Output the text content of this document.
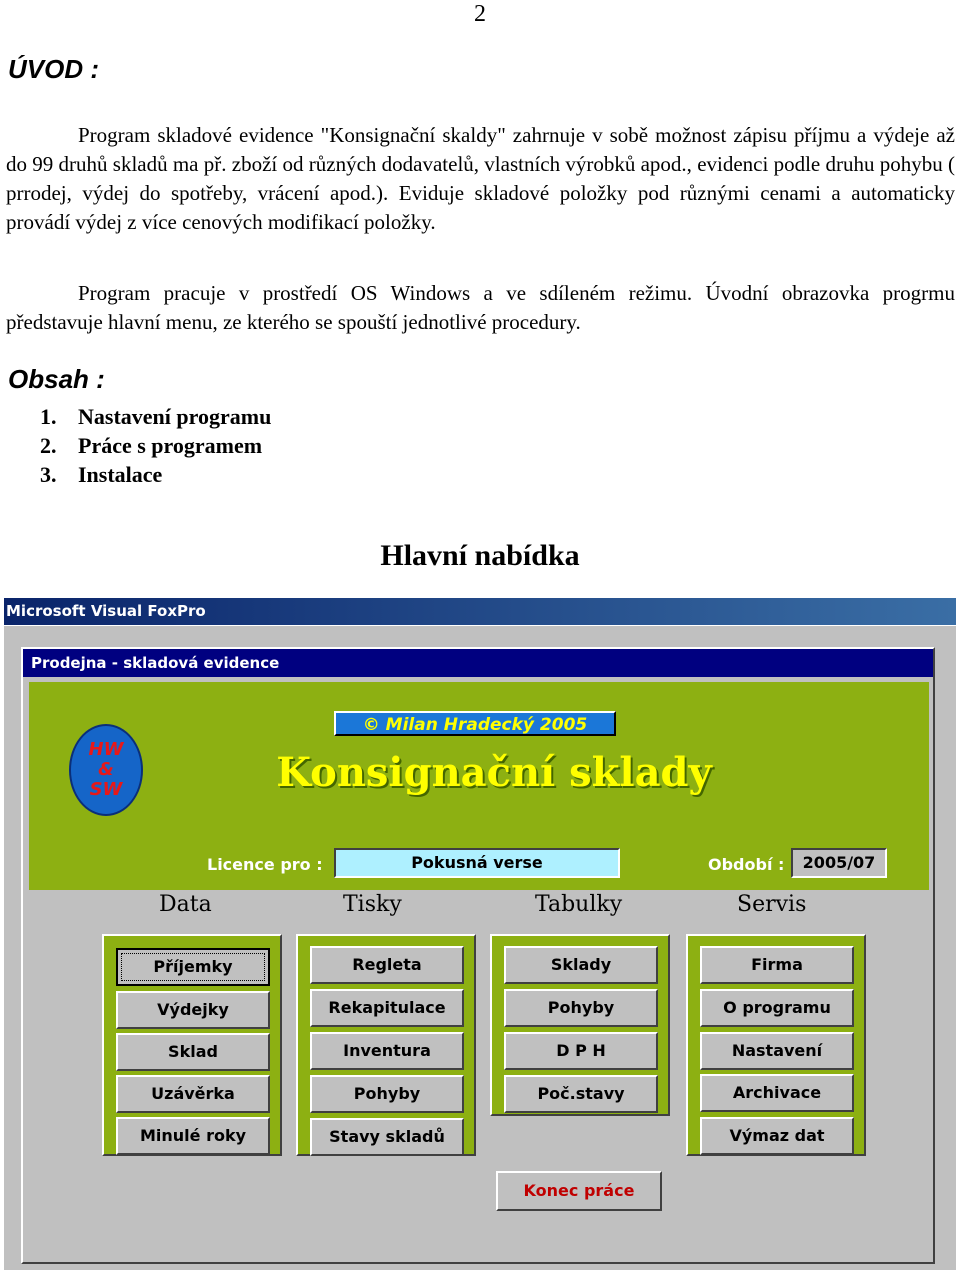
2
ÚVOD :
Program skladové evidence "Konsignační skaldy" zahrnuje v sobě možnost zápisu příjmu a výdeje až do 99 druhů skladů ma př. zboží od různých dodavatelů, vlastních výrobků apod., evidenci podle druhu pohybu ( prrodej, výdej do spotřeby, vrácení apod.). Eviduje skladové položky pod různými cenami a automaticky provádí výdej z více cenových modifikací položky.
Program pracuje v prostředí OS Windows a ve sdíleném režimu. Úvodní obrazovka progrmu představuje hlavní menu, ze kterého se spouští jednotlivé procedury.
Obsah :
1. Nastavení programu
2. Práce s programem
3. Instalace
Hlavní nabídka
Microsoft Visual FoxPro
Prodejna - skladová evidence
© Milan Hradecký 2005
HW
&
SW	Konsignační sklady
Licence pro :	Pokusná verse	Období :	2005/07
Data	Tisky	Tabulky	Servis
Příjemky
Výdejky
Sklad
Uzávěrka
Minulé roky
Regleta
Rekapitulace
Inventura
Pohyby
Stavy skladů
Sklady
Pohyby
D P H
Poč.stavy
Firma
O programu
Nastavení
Archivace
Výmaz dat
Konec práce
